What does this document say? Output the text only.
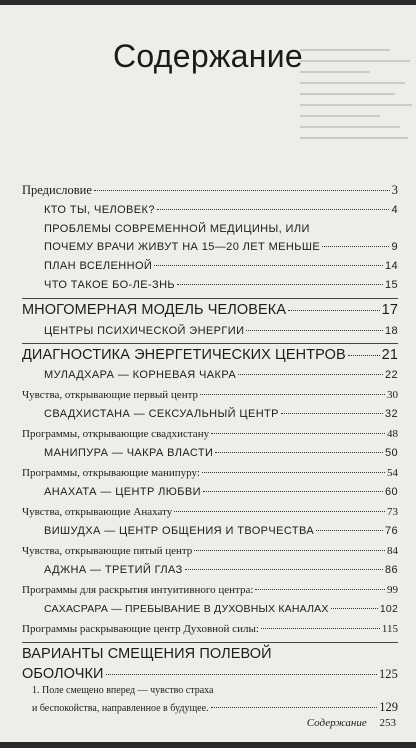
Содержание
Предисловие	3
КТО ТЫ, ЧЕЛОВЕК?	4
ПРОБЛЕМЫ СОВРЕМЕННОЙ МЕДИЦИНЫ, ИЛИ
ПОЧЕМУ ВРАЧИ ЖИВУТ НА 15—20 ЛЕТ МЕНЬШЕ	9
ПЛАН ВСЕЛЕННОЙ	14
ЧТО ТАКОЕ БО-ЛЕ-ЗНЬ	15
МНОГОМЕРНАЯ МОДЕЛЬ ЧЕЛОВЕКА	17
ЦЕНТРЫ ПСИХИЧЕСКОЙ ЭНЕРГИИ	18
ДИАГНОСТИКА ЭНЕРГЕТИЧЕСКИХ ЦЕНТРОВ 21
МУЛАДХАРА — КОРНЕВАЯ ЧАКРА	22
Чувства, открывающие первый центр	30
СВАДХИСТАНА — СЕКСУАЛЬНЫЙ ЦЕНТР	32
Программы, открывающие свадхистану	48
МАНИПУРА — ЧАКРА ВЛАСТИ	50
Программы, открывающие манипуру:	54
АНАХАТА — ЦЕНТР ЛЮБВИ	60
Чувства, открывающие Анахату	73
ВИШУДХА — ЦЕНТР ОБЩЕНИЯ И ТВОРЧЕСТВА	76
Чувства, открывающие пятый центр	84
АДЖНА — ТРЕТИЙ ГЛАЗ	86
Программы для раскрытия интуитивного центра:	99
САХАСРАРА — ПРЕБЫВАНИЕ В ДУХОВНЫХ КАНАЛАХ	102
Программы раскрывающие центр Духовной силы:	115
ВАРИАНТЫ СМЕЩЕНИЯ ПОЛЕВОЙ
ОБОЛОЧКИ	125
1. Поле смещено вперед — чувство страха
и беспокойства, направленное в будущее.	129
Содержание 253
